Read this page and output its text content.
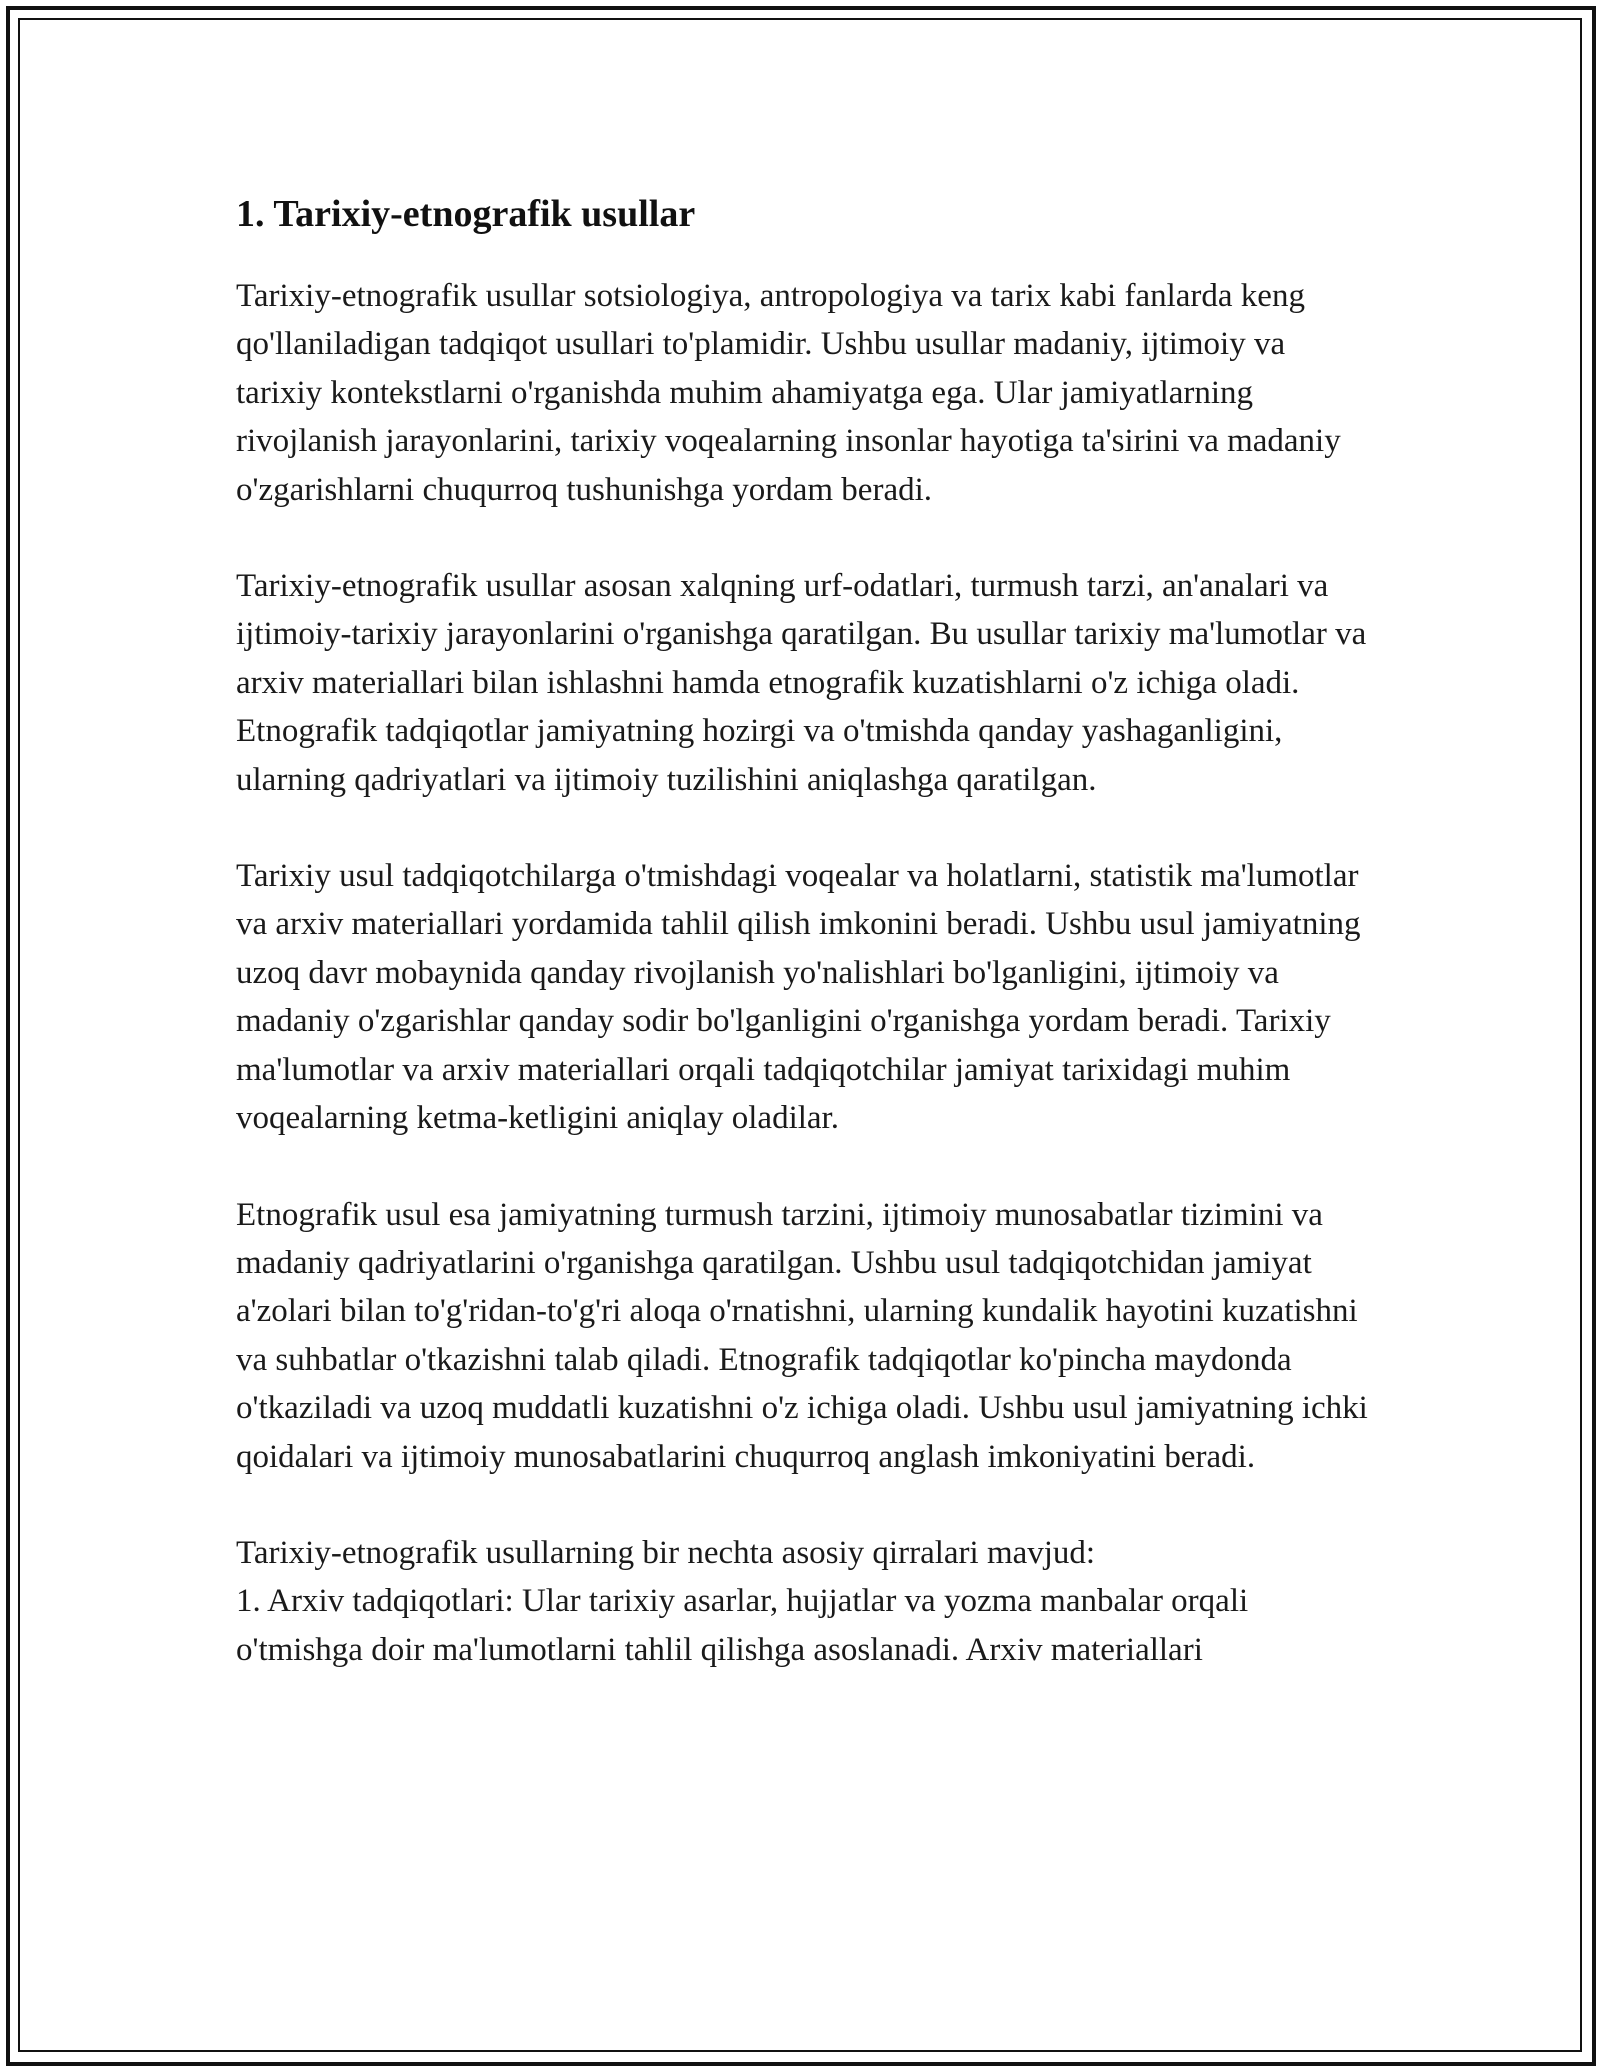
1. Tarixiy-etnografik usullar

Tarixiy-etnografik usullar sotsiologiya, antropologiya va tarix kabi fanlarda keng qo'llaniladigan tadqiqot usullari to'plamidir. Ushbu usullar madaniy, ijtimoiy va tarixiy kontekstlarni o'rganishda muhim ahamiyatga ega. Ular jamiyatlarning rivojlanish jarayonlarini, tarixiy voqealarning insonlar hayotiga ta'sirini va madaniy o'zgarishlarni chuqurroq tushunishga yordam beradi.

Tarixiy-etnografik usullar asosan xalqning urf-odatlari, turmush tarzi, an'analari va ijtimoiy-tarixiy jarayonlarini o'rganishga qaratilgan. Bu usullar tarixiy ma'lumotlar va arxiv materiallari bilan ishlashni hamda etnografik kuzatishlarni o'z ichiga oladi. Etnografik tadqiqotlar jamiyatning hozirgi va o'tmishda qanday yashaganligini, ularning qadriyatlari va ijtimoiy tuzilishini aniqlashga qaratilgan.

Tarixiy usul tadqiqotchilarga o'tmishdagi voqealar va holatlarni, statistik ma'lumotlar va arxiv materiallari yordamida tahlil qilish imkonini beradi. Ushbu usul jamiyatning uzoq davr mobaynida qanday rivojlanish yo'nalishlari bo'lganligini, ijtimoiy va madaniy o'zgarishlar qanday sodir bo'lganligini o'rganishga yordam beradi. Tarixiy ma'lumotlar va arxiv materiallari orqali tadqiqotchilar jamiyat tarixidagi muhim voqealarning ketma-ketligini aniqlay oladilar.

Etnografik usul esa jamiyatning turmush tarzini, ijtimoiy munosabatlar tizimini va madaniy qadriyatlarini o'rganishga qaratilgan. Ushbu usul tadqiqotchidan jamiyat a'zolari bilan to'g'ridan-to'g'ri aloqa o'rnatishni, ularning kundalik hayotini kuzatishni va suhbatlar o'tkazishni talab qiladi. Etnografik tadqiqotlar ko'pincha maydonda o'tkaziladi va uzoq muddatli kuzatishni o'z ichiga oladi. Ushbu usul jamiyatning ichki qoidalari va ijtimoiy munosabatlarini chuqurroq anglash imkoniyatini beradi.

Tarixiy-etnografik usullarning bir nechta asosiy qirralari mavjud:

1. Arxiv tadqiqotlari: Ular tarixiy asarlar, hujjatlar va yozma manbalar orqali o'tmishga doir ma'lumotlarni tahlil qilishga asoslanadi. Arxiv materiallari
